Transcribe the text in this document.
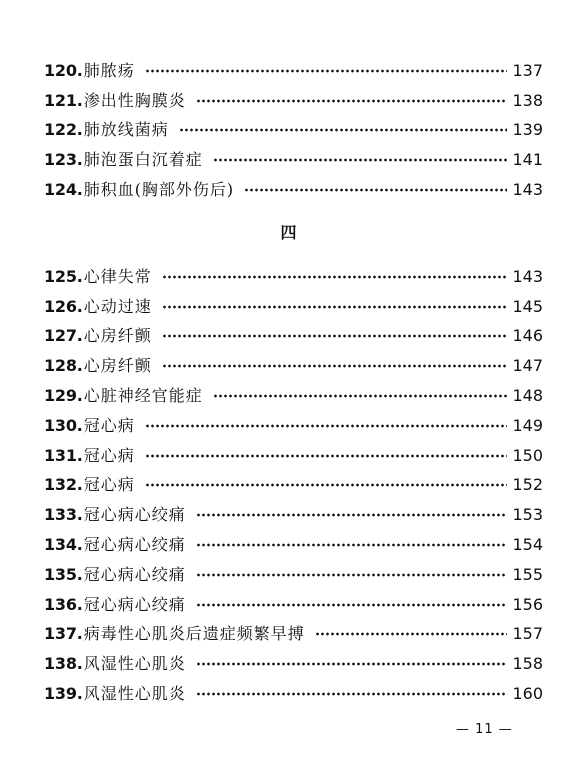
120. 肺脓疡	137
121. 渗出性胸膜炎	138
122. 肺放线菌病	139
123. 肺泡蛋白沉着症	141
124. 肺积血(胸部外伤后)	143
四
125. 心律失常	143
126. 心动过速	145
127. 心房纤颤	146
128. 心房纤颤	147
129. 心脏神经官能症	148
130. 冠心病	149
131. 冠心病	150
132. 冠心病	152
133. 冠心病心绞痛	153
134. 冠心病心绞痛	154
135. 冠心病心绞痛	155
136. 冠心病心绞痛	156
137. 病毒性心肌炎后遗症频繁早搏	157
138. 风湿性心肌炎	158
139. 风湿性心肌炎	160
— 11 —
